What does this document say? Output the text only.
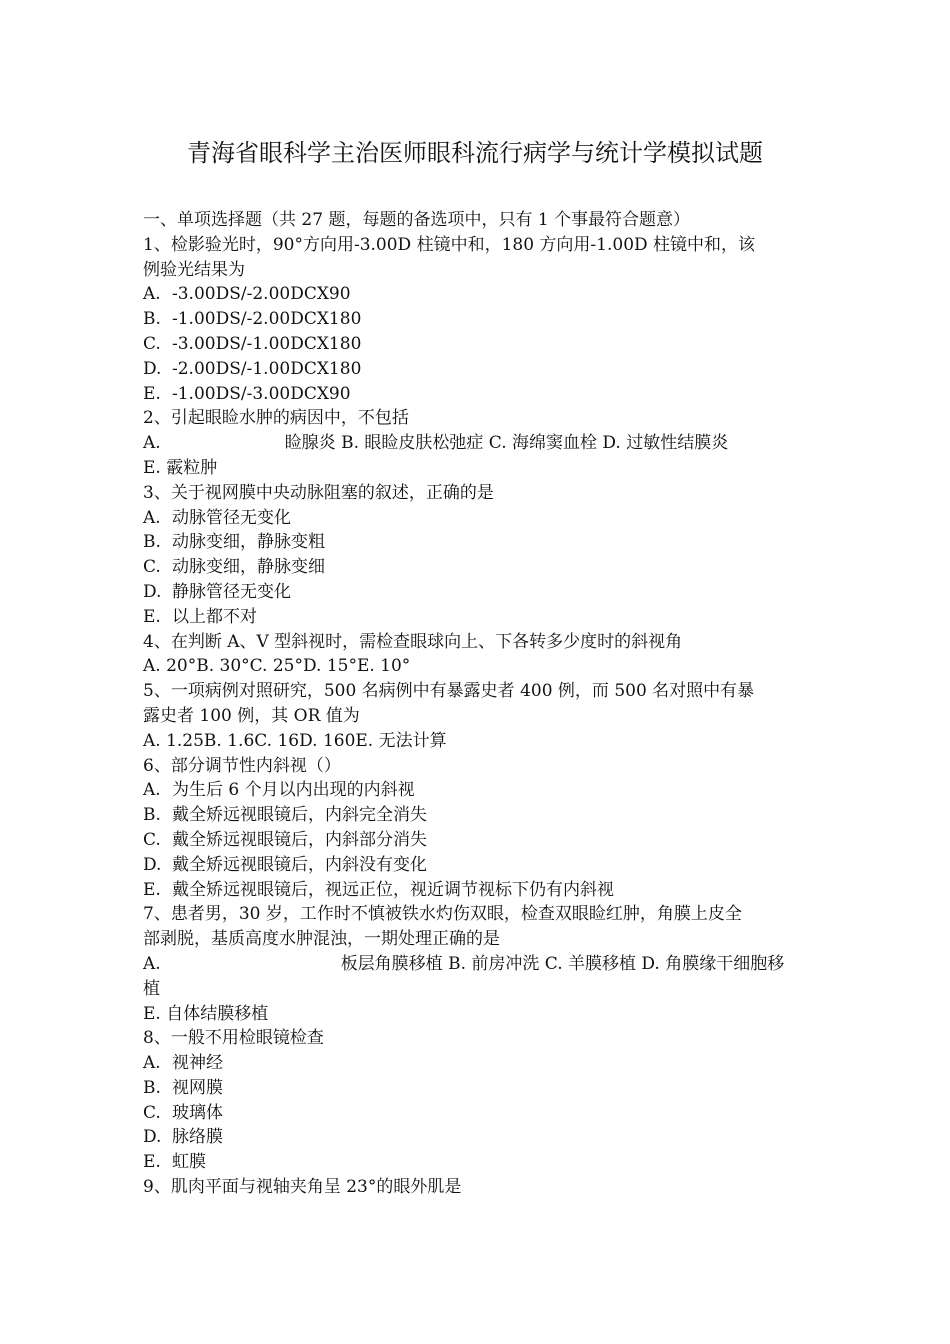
青海省眼科学主治医师眼科流行病学与统计学模拟试题
一、单项选择题（共 27 题，每题的备选项中，只有 1 个事最符合题意）
1、检影验光时，90°方向用-3.00D 柱镜中和，180 方向用-1.00D 柱镜中和，该
例验光结果为
A. -3.00DS/-2.00DCX90
B. -1.00DS/-2.00DCX180
C. -3.00DS/-1.00DCX180
D. -2.00DS/-1.00DCX180
E. -1.00DS/-3.00DCX90
2、引起眼睑水肿的病因中，不包括
A.	睑腺炎 B. 眼睑皮肤松弛症 C. 海绵窦血栓 D. 过敏性结膜炎
E. 霰粒肿
3、关于视网膜中央动脉阻塞的叙述，正确的是
A. 动脉管径无变化
B. 动脉变细，静脉变粗
C. 动脉变细，静脉变细
D. 静脉管径无变化
E. 以上都不对
4、在判断 A、V 型斜视时，需检查眼球向上、下各转多少度时的斜视角
A. 20°B. 30°C. 25°D. 15°E. 10°
5、一项病例对照研究，500 名病例中有暴露史者 400 例，而 500 名对照中有暴
露史者 100 例，其 OR 值为
A. 1.25B. 1.6C. 16D. 160E. 无法计算
6、部分调节性内斜视（）
A. 为生后 6 个月以内出现的内斜视
B. 戴全矫远视眼镜后，内斜完全消失
C. 戴全矫远视眼镜后，内斜部分消失
D. 戴全矫远视眼镜后，内斜没有变化
E. 戴全矫远视眼镜后，视远正位，视近调节视标下仍有内斜视
7、患者男，30 岁，工作时不慎被铁水灼伤双眼，检查双眼睑红肿，角膜上皮全
部剥脱，基质高度水肿混浊，一期处理正确的是
A.	板层角膜移植 B. 前房冲洗 C. 羊膜移植 D. 角膜缘干细胞移
植
E. 自体结膜移植
8、一般不用检眼镜检查
A. 视神经
B. 视网膜
C. 玻璃体
D. 脉络膜
E. 虹膜
9、肌肉平面与视轴夹角呈 23°的眼外肌是
